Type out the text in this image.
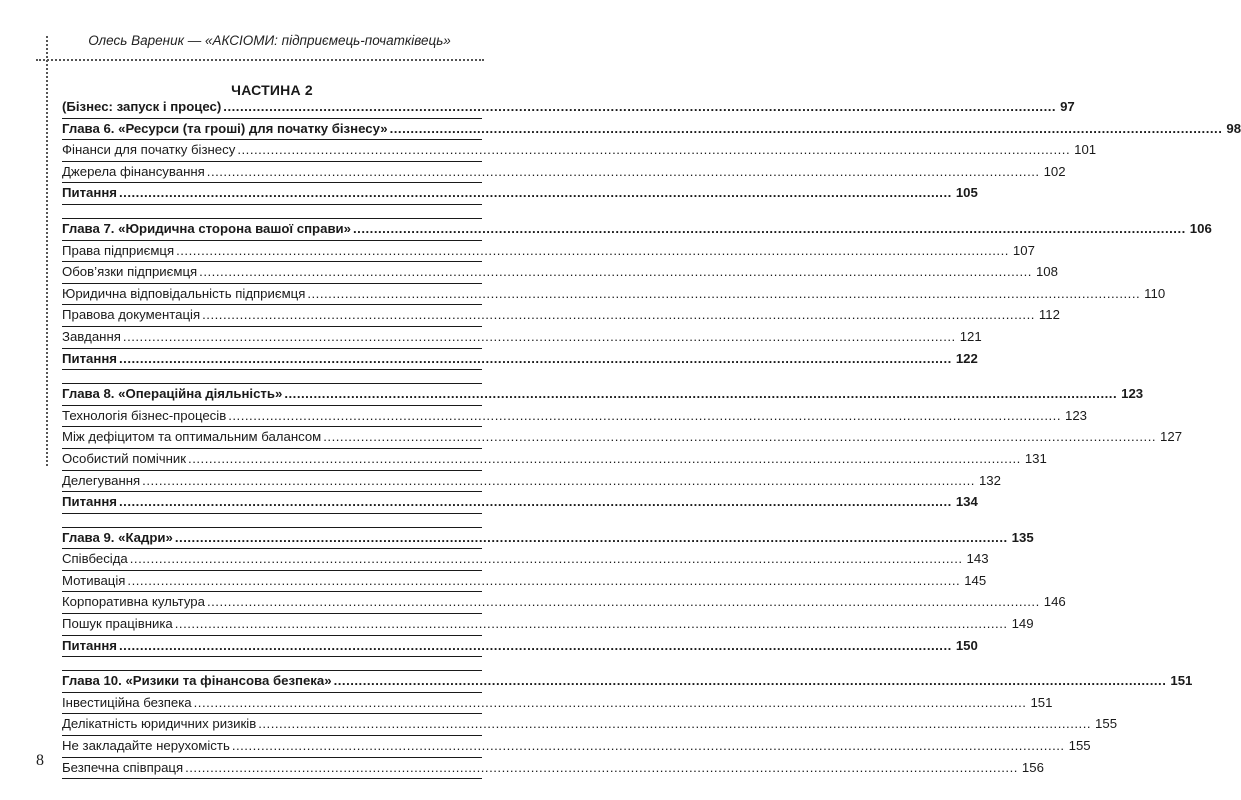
Олесь Вареник — «АКСІОМИ: підприємець-початківець»
ЧАСТИНА 2
(Бізнес: запуск і процес) ........................................................................................................................................................................................................ 97
Глава 6. «Ресурси (та гроші) для початку бізнесу» ........................................................................................................................................................................................................ 98
Фінанси для початку бізнесу ........................................................................................................................................................................................................ 101
Джерела фінансування ........................................................................................................................................................................................................ 102
Питання ........................................................................................................................................................................................................ 105
Глава 7. «Юридична сторона вашої справи» ........................................................................................................................................................................................................ 106
Права підприємця ........................................................................................................................................................................................................ 107
Обов’язки підприємця ........................................................................................................................................................................................................ 108
Юридична відповідальність підприємця ........................................................................................................................................................................................................ 110
Правова документація ........................................................................................................................................................................................................ 112
Завдання ........................................................................................................................................................................................................ 121
Питання ........................................................................................................................................................................................................ 122
Глава 8. «Операційна діяльність» ........................................................................................................................................................................................................ 123
Технологія бізнес-процесів ........................................................................................................................................................................................................ 123
Між дефіцитом та оптимальним балансом ........................................................................................................................................................................................................ 127
Особистий помічник ........................................................................................................................................................................................................ 131
Делегування ........................................................................................................................................................................................................ 132
Питання ........................................................................................................................................................................................................ 134
Глава 9. «Кадри» ........................................................................................................................................................................................................ 135
Співбесіда ........................................................................................................................................................................................................ 143
Мотивація ........................................................................................................................................................................................................ 145
Корпоративна культура ........................................................................................................................................................................................................ 146
Пошук працівника ........................................................................................................................................................................................................ 149
Питання ........................................................................................................................................................................................................ 150
Глава 10. «Ризики та фінансова безпека» ........................................................................................................................................................................................................ 151
Інвестиційна безпека ........................................................................................................................................................................................................ 151
Делікатність юридичних ризиків ........................................................................................................................................................................................................ 155
Не закладайте нерухомість ........................................................................................................................................................................................................ 155
Безпечна співпраця ........................................................................................................................................................................................................ 156
8
